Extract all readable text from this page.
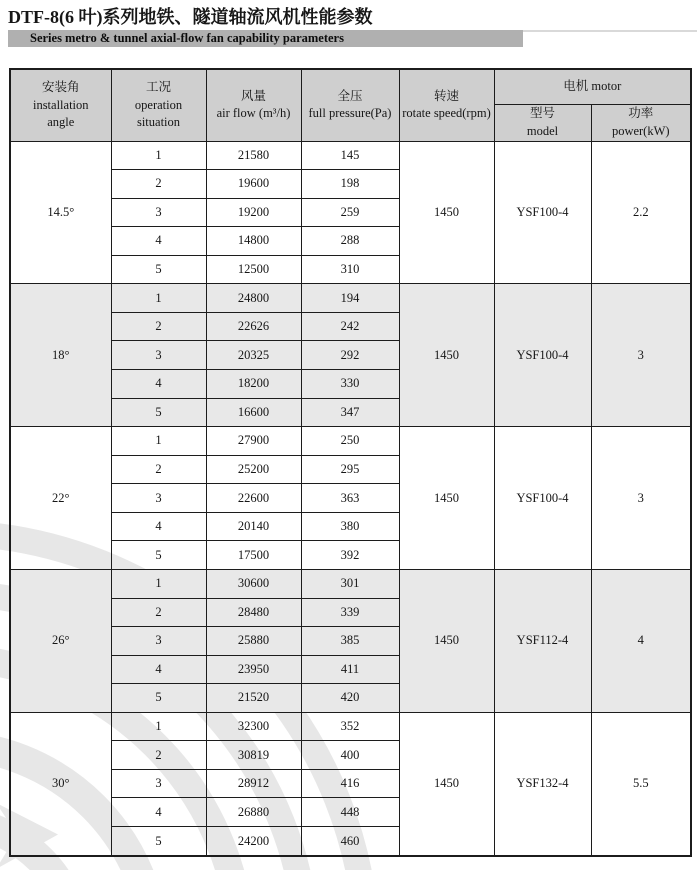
DTF-8(6 叶)系列地铁、隧道轴流风机性能参数
Series metro & tunnel axial-flow fan capability parameters
安装角
installation
angle	工况
operation
situation	风量
air flow (m³/h)	全压
full pressure(Pa)	转速
rotate speed(rpm)	电机 motor	
					型号
model	功率
power(kW)
14.5°	1	21580	145	1450	YSF100-4	2.2
	2	19600	198			
	3	19200	259			
	4	14800	288			
	5	12500	310			
18°	1	24800	194	1450	YSF100-4	3
	2	22626	242			
	3	20325	292			
	4	18200	330			
	5	16600	347			
22°	1	27900	250	1450	YSF100-4	3
	2	25200	295			
	3	22600	363			
	4	20140	380			
	5	17500	392			
26°	1	30600	301	1450	YSF112-4	4
	2	28480	339			
	3	25880	385			
	4	23950	411			
	5	21520	420			
30°	1	32300	352	1450	YSF132-4	5.5
	2	30819	400			
	3	28912	416			
	4	26880	448			
	5	24200	460			
